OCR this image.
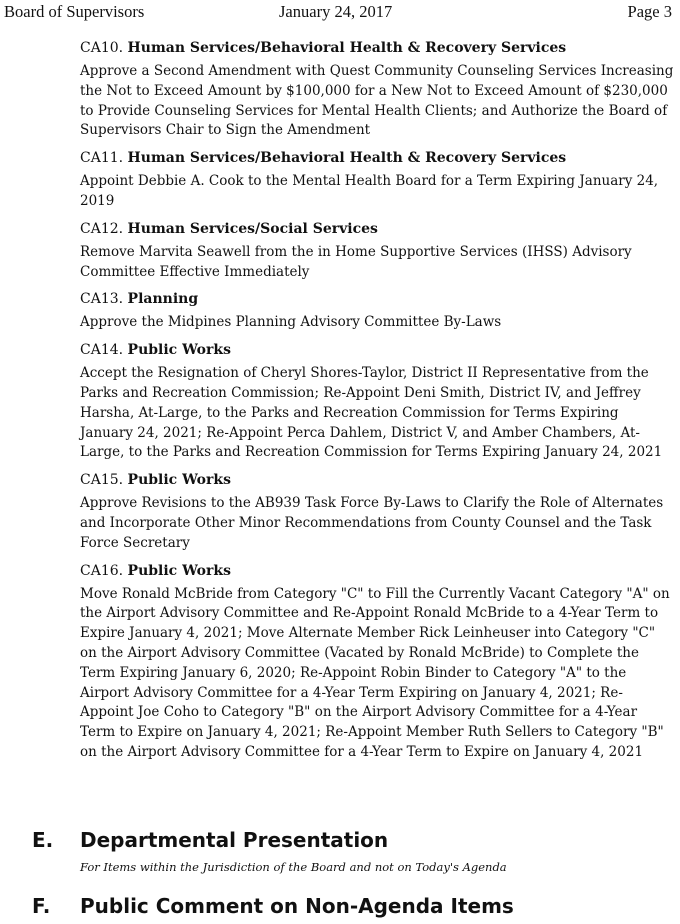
Board of Supervisors	January 24, 2017	Page 3
CA10. Human Services/Behavioral Health & Recovery Services

Approve a Second Amendment with Quest Community Counseling Services Increasing the Not to Exceed Amount by $100,000 for a New Not to Exceed Amount of $230,000 to Provide Counseling Services for Mental Health Clients; and Authorize the Board of Supervisors Chair to Sign the Amendment

CA11. Human Services/Behavioral Health & Recovery Services

Appoint Debbie A. Cook to the Mental Health Board for a Term Expiring January 24, 2019

CA12. Human Services/Social Services

Remove Marvita Seawell from the in Home Supportive Services (IHSS) Advisory Committee Effective Immediately

CA13. Planning

Approve the Midpines Planning Advisory Committee By-Laws

CA14. Public Works

Accept the Resignation of Cheryl Shores-Taylor, District II Representative from the Parks and Recreation Commission; Re-Appoint Deni Smith, District IV, and Jeffrey Harsha, At-Large, to the Parks and Recreation Commission for Terms Expiring January 24, 2021; Re-Appoint Perca Dahlem, District V, and Amber Chambers, At-Large, to the Parks and Recreation Commission for Terms Expiring January 24, 2021

CA15. Public Works

Approve Revisions to the AB939 Task Force By-Laws to Clarify the Role of Alternates and Incorporate Other Minor Recommendations from County Counsel and the Task Force Secretary

CA16. Public Works

Move Ronald McBride from Category "C" to Fill the Currently Vacant Category "A" on the Airport Advisory Committee and Re-Appoint Ronald McBride to a 4-Year Term to Expire January 4, 2021; Move Alternate Member Rick Leinheuser into Category "C" on the Airport Advisory Committee (Vacated by Ronald McBride) to Complete the Term Expiring January 6, 2020; Re-Appoint Robin Binder to Category "A" to the Airport Advisory Committee for a 4-Year Term Expiring on January 4, 2021; Re-Appoint Joe Coho to Category "B" on the Airport Advisory Committee for a 4-Year Term to Expire on January 4, 2021; Re-Appoint Member Ruth Sellers to Category "B" on the Airport Advisory Committee for a 4-Year Term to Expire on January 4, 2021

E. Departmental Presentation
For Items within the Jurisdiction of the Board and not on Today's Agenda
F. Public Comment on Non-Agenda Items
